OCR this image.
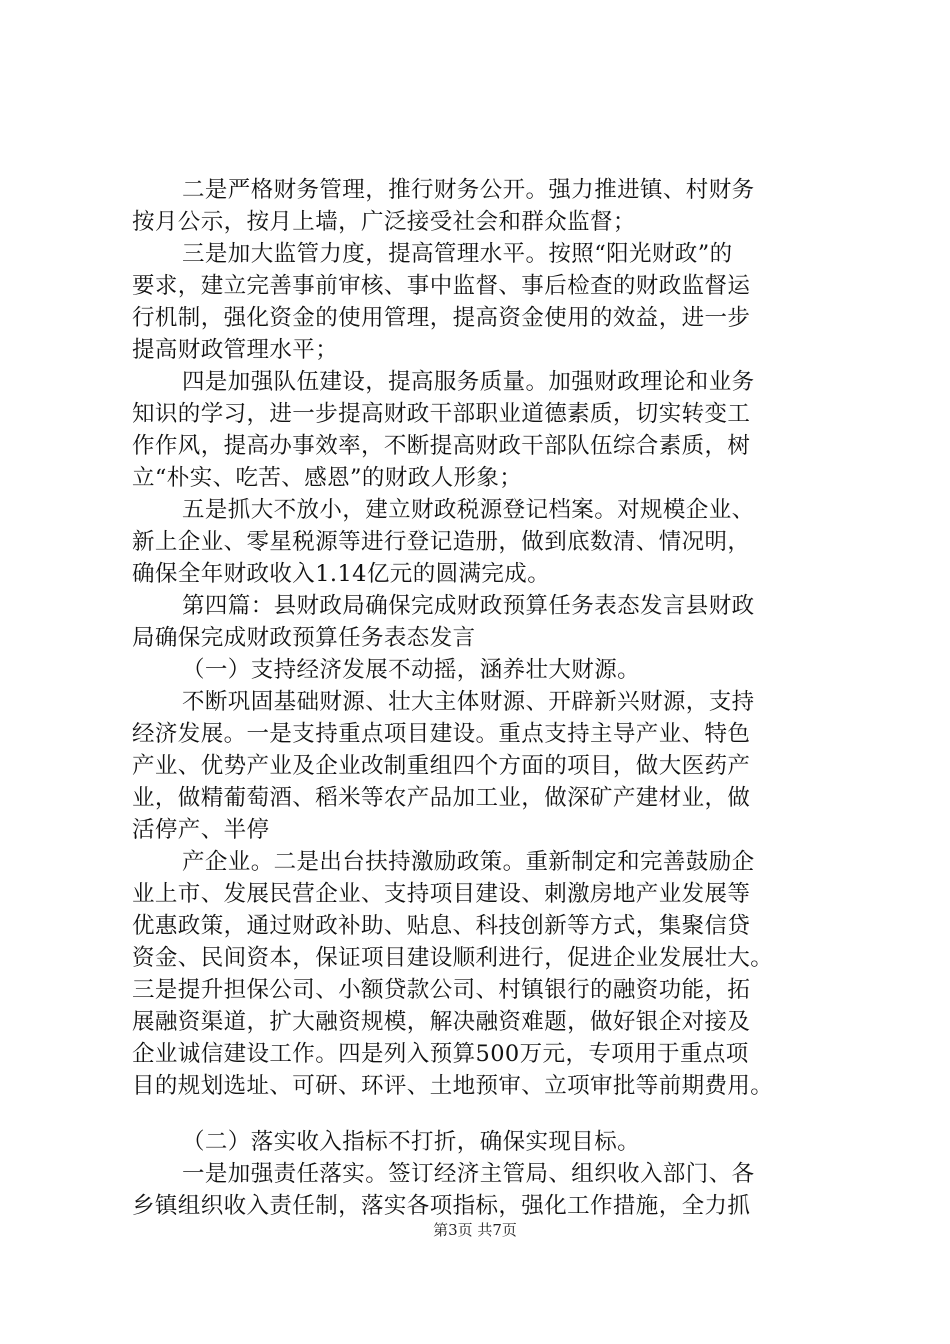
二是严格财务管理，推行财务公开。强力推进镇、村财务
按月公示，按月上墙，广泛接受社会和群众监督；
三是加大监管力度，提高管理水平。按照“阳光财政”的
要求，建立完善事前审核、事中监督、事后检查的财政监督运
行机制，强化资金的使用管理，提高资金使用的效益，进一步
提高财政管理水平；
四是加强队伍建设，提高服务质量。加强财政理论和业务
知识的学习，进一步提高财政干部职业道德素质，切实转变工
作作风，提高办事效率，不断提高财政干部队伍综合素质，树
立“朴实、吃苦、感恩”的财政人形象；
五是抓大不放小，建立财政税源登记档案。对规模企业、
新上企业、零星税源等进行登记造册，做到底数清、情况明，
确保全年财政收入1.14亿元的圆满完成。
第四篇：县财政局确保完成财政预算任务表态发言县财政
局确保完成财政预算任务表态发言
（一）支持经济发展不动摇，涵养壮大财源。
不断巩固基础财源、壮大主体财源、开辟新兴财源，支持
经济发展。一是支持重点项目建设。重点支持主导产业、特色
产业、优势产业及企业改制重组四个方面的项目，做大医药产
业，做精葡萄酒、稻米等农产品加工业，做深矿产建材业，做
活停产、半停
产企业。二是出台扶持激励政策。重新制定和完善鼓励企
业上市、发展民营企业、支持项目建设、刺激房地产业发展等
优惠政策，通过财政补助、贴息、科技创新等方式，集聚信贷
资金、民间资本，保证项目建设顺利进行，促进企业发展壮大。
三是提升担保公司、小额贷款公司、村镇银行的融资功能，拓
展融资渠道，扩大融资规模，解决融资难题，做好银企对接及
企业诚信建设工作。四是列入预算500万元，专项用于重点项
目的规划选址、可研、环评、土地预审、立项审批等前期费用。
（二）落实收入指标不打折，确保实现目标。
一是加强责任落实。签订经济主管局、组织收入部门、各
乡镇组织收入责任制，落实各项指标，强化工作措施，全力抓
第3页 共7页
